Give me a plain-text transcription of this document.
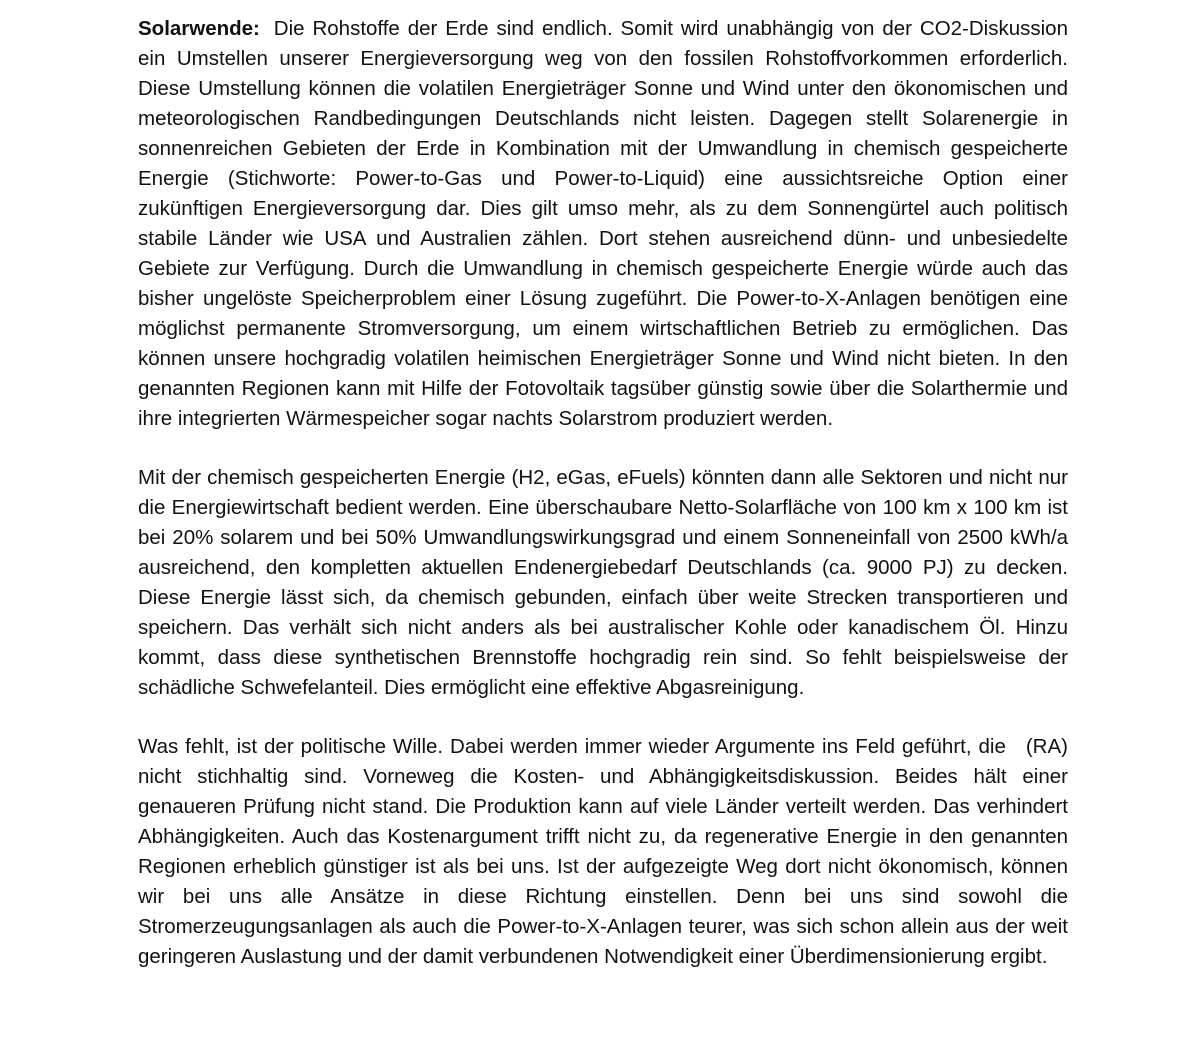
Solarwende: Die Rohstoffe der Erde sind endlich. Somit wird unabhängig von der CO2-Diskussion ein Umstellen unserer Energieversorgung weg von den fossilen Rohstoffvorkommen erforderlich. Diese Umstellung können die volatilen Energieträger Sonne und Wind unter den ökonomischen und meteorologischen Randbedingungen Deutschlands nicht leisten. Dagegen stellt Solarenergie in sonnenreichen Gebieten der Erde in Kombination mit der Umwandlung in chemisch gespeicherte Energie (Stichworte: Power-to-Gas und Power-to-Liquid) eine aussichtsreiche Option einer zukünftigen Energieversorgung dar. Dies gilt umso mehr, als zu dem Sonnengürtel auch politisch stabile Länder wie USA und Australien zählen. Dort stehen ausreichend dünn- und unbesiedelte Gebiete zur Verfügung. Durch die Umwandlung in chemisch gespeicherte Energie würde auch das bisher ungelöste Speicherproblem einer Lösung zugeführt. Die Power-to-X-Anlagen benötigen eine möglichst permanente Stromversorgung, um einem wirtschaftlichen Betrieb zu ermöglichen. Das können unsere hochgradig volatilen heimischen Energieträger Sonne und Wind nicht bieten. In den genannten Regionen kann mit Hilfe der Fotovoltaik tagsüber günstig sowie über die Solarthermie und ihre integrierten Wärmespeicher sogar nachts Solarstrom produziert werden.

Mit der chemisch gespeicherten Energie (H2, eGas, eFuels) könnten dann alle Sektoren und nicht nur die Energiewirtschaft bedient werden. Eine überschaubare Netto-Solarfläche von 100 km x 100 km ist bei 20% solarem und bei 50% Umwandlungswirkungsgrad und einem Sonneneinfall von 2500 kWh/a ausreichend, den kompletten aktuellen Endenergiebedarf Deutschlands (ca. 9000 PJ) zu decken. Diese Energie lässt sich, da chemisch gebunden, einfach über weite Strecken transportieren und speichern. Das verhält sich nicht anders als bei australischer Kohle oder kanadischem Öl. Hinzu kommt, dass diese synthetischen Brennstoffe hochgradig rein sind. So fehlt beispielsweise der schädliche Schwefelanteil. Dies ermöglicht eine effektive Abgasreinigung.

(RA)
Was fehlt, ist der politische Wille. Dabei werden immer wieder Argumente ins Feld geführt, die nicht stichhaltig sind. Vorneweg die Kosten- und Abhängigkeitsdiskussion. Beides hält einer genaueren Prüfung nicht stand. Die Produktion kann auf viele Länder verteilt werden. Das verhindert Abhängigkeiten. Auch das Kostenargument trifft nicht zu, da regenerative Energie in den genannten Regionen erheblich günstiger ist als bei uns. Ist der aufgezeigte Weg dort nicht ökonomisch, können wir bei uns alle Ansätze in diese Richtung einstellen. Denn bei uns sind sowohl die Stromerzeugungsanlagen als auch die Power-to-X-Anlagen teurer, was sich schon allein aus der weit geringeren Auslastung und der damit verbundenen Notwendigkeit einer Überdimensionierung ergibt.
